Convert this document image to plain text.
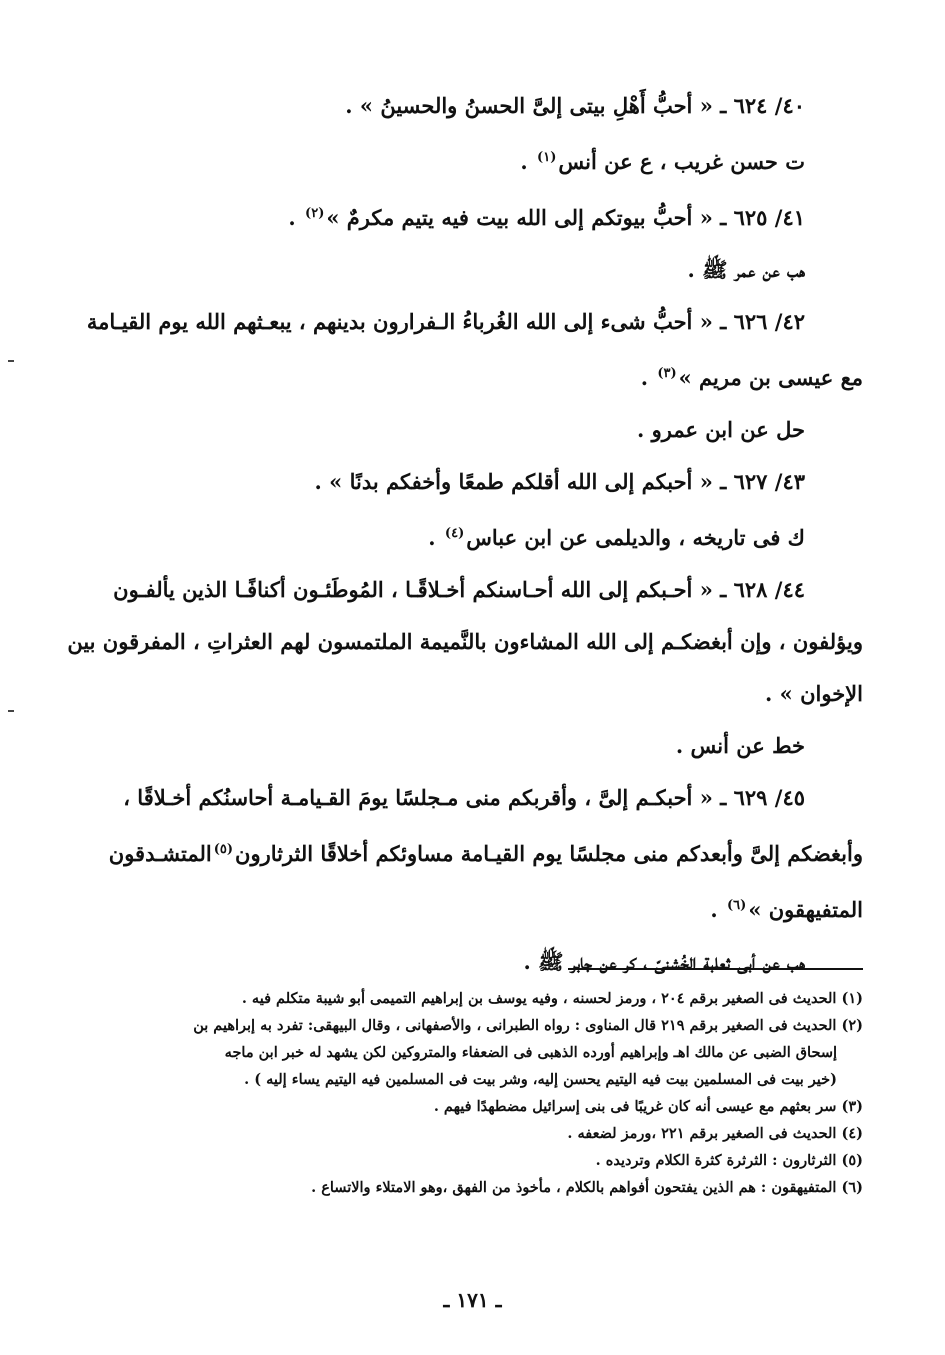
٤٠/ ٦٢٤ ـ « أحبُّ أَهْلِ بيتى إلىَّ الحسنُ والحسينُ » .

ت حسن غريب ، ع عن أنس$^{(١)}$ .

٤١/ ٦٢٥ ـ « أحبُّ بيوتكم إلى الله بيت فيه يتيم مكرمٌ »$^{(٢)}$ .

هب عن عمر ﷺ .

٤٢/ ٦٢٦ ـ « أحبُّ شىء إلى الله الغُرباءُ الـفرارون بدينهم ، يبعـثهم الله يوم القيـامة

مع عيسى بن مريم »$^{(٣)}$ .

حل عن ابن عمرو .

٤٣/ ٦٢٧ ـ « أحبكم إلى الله أقلكم طمعًا وأخفكم بدنًا » .

ك فى تاريخه ، والديلمى عن ابن عباس$^{(٤)}$ .

٤٤/ ٦٢٨ ـ « أحـبكم إلى الله أحـاسنكم أخـلاقًـا ، المُوطَئـون أكنافًـا الذين يألفـون

ويؤلفون ، وإن أبغضكـم إلى الله المشاءون بالنَّميمة الملتمسون لهم العثراتِ ، المفرقون بين

الإخوان » .

خط عن أنس .

٤٥/ ٦٢٩ ـ « أحبكـم إلىَّ ، وأقربكم منى مـجلسًا يومَ القـيامـة أحاسنُكم أخـلاقًا ،

وأبغضكم إلىَّ وأبعدكم منى مجلسًا يوم القيـامة مساوئكم أخلاقًا الثرثارون$^{(٥)}$المتشـدقون

المتفيهقون »$^{(٦)}$ .

هب عن أبى ثعلبة الخُشنىّ ، كر عن جابر ﷺ .

(١) الحديث فى الصغير برقم ٢٠٤ ، ورمز لحسنه ، وفيه يوسف بن إبراهيم التميمى أبو شيبة متكلم فيه .
(٢) الحديث فى الصغير برقم ٢١٩ قال المناوى : رواه الطبرانى ، والأصفهانى ، وقال البيهقى: تفرد به إبراهيم بن
إسحاق الضبى عن مالك اهـ وإبراهيم أورده الذهبى فى الضعفاء والمتروكين لكن يشهد له خبر ابن ماجه
(خير بيت فى المسلمين بيت فيه اليتيم يحسن إليه، وشر بيت فى المسلمين فيه اليتيم يساء إليه ) .
(٣) سر بعثهم مع عيسى أنه كان غريبًا فى بنى إسرائيل مضطهدًا فيهم .
(٤) الحديث فى الصغير برقم ٢٢١ ،ورمز لضعفه .
(٥) الثرثارون : الثرثرة كثرة الكلام وترديده .
(٦) المتفيهقون : هم الذين يفتحون أفواهم بالكلام ، مأخوذ من الفهق ،وهو الامتلاء والاتساع .
ـ ١٧١ ـ
